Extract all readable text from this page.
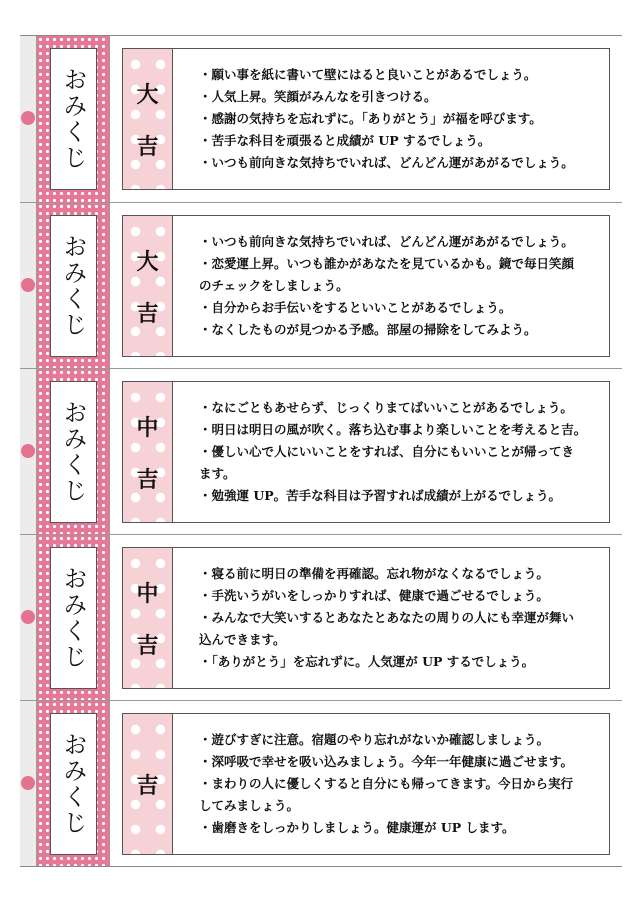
おみくじ	大
吉
・願い事を紙に書いて壁にはると良いことがあるでしょう。
・人気上昇。笑顔がみんなを引きつける。
・感謝の気持ちを忘れずに。「ありがとう」が福を呼びます。
・苦手な科目を頑張ると成績が UP するでしょう。
・いつも前向きな気持ちでいれば、どんどん運があがるでしょう。
おみくじ	大
吉
・いつも前向きな気持ちでいれば、どんどん運があがるでしょう。
・恋愛運上昇。いつも誰かがあなたを見ているかも。鏡で毎日笑顔
のチェックをしましょう。
・自分からお手伝いをするといいことがあるでしょう。
・なくしたものが見つかる予感。部屋の掃除をしてみよう。
おみくじ	中
吉
・なにごともあせらず、じっくりまてばいいことがあるでしょう。
・明日は明日の風が吹く。落ち込む事より楽しいことを考えると吉。
・優しい心で人にいいことをすれば、自分にもいいことが帰ってき
ます。
・勉強運 UP。苦手な科目は予習すれば成績が上がるでしょう。
おみくじ	中
吉
・寝る前に明日の準備を再確認。忘れ物がなくなるでしょう。
・手洗いうがいをしっかりすれば、健康で過ごせるでしょう。
・みんなで大笑いするとあなたとあなたの周りの人にも幸運が舞い
込んできます。
・「ありがとう」を忘れずに。人気運が UP するでしょう。
おみくじ	吉
・遊びすぎに注意。宿題のやり忘れがないか確認しましょう。
・深呼吸で幸せを吸い込みましょう。今年一年健康に過ごせます。
・まわりの人に優しくすると自分にも帰ってきます。今日から実行
してみましょう。
・歯磨きをしっかりしましょう。健康運が UP します。
